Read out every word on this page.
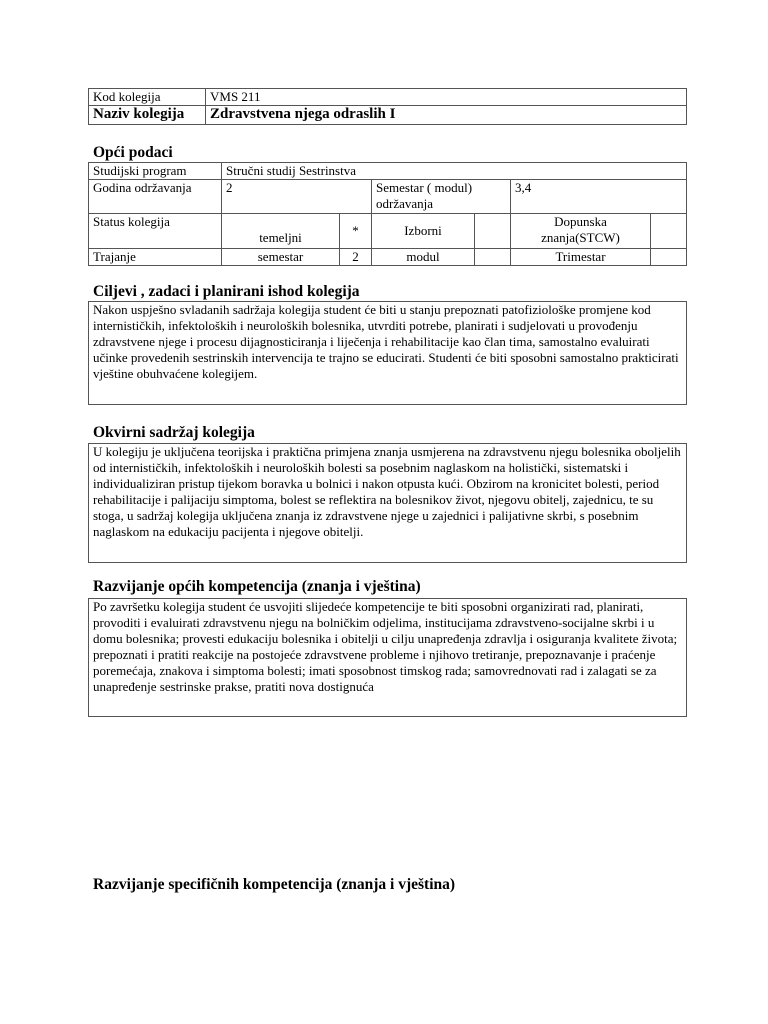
Kod kolegija	VMS 211
Naziv kolegija	Zdravstvena njega odraslih I
Opći podaci
Studijski program	Stručni studij Sestrinstva					
Godina održavanja	2		Semestar ( modul) održavanja		3,4	
Status kolegija	temeljni	*	Izborni		Dopunska znanja(STCW)	
Trajanje	semestar	2	modul		Trimestar	
Ciljevi , zadaci i planirani ishod kolegija
Nakon uspješno svladanih sadržaja kolegija student će biti u stanju prepoznati patofiziološke promjene kod internističkih, infektoloških i neuroloških bolesnika, utvrditi potrebe, planirati i sudjelovati u provođenju zdravstvene njege i procesu dijagnosticiranja i liječenja i rehabilitacije kao član tima, samostalno evaluirati učinke provedenih sestrinskih intervencija te trajno se educirati. Studenti će biti sposobni samostalno prakticirati vještine obuhvaćene kolegijem.
Okvirni sadržaj kolegija
U kolegiju je uključena teorijska i praktična primjena znanja usmjerena na zdravstvenu njegu bolesnika oboljelih od internističkih, infektoloških i neuroloških bolesti sa posebnim naglaskom na holistički, sistematski i individualiziran pristup tijekom boravka u bolnici i nakon otpusta kući. Obzirom na kronicitet bolesti, period rehabilitacije i palijaciju simptoma, bolest se reflektira na bolesnikov život, njegovu obitelj, zajednicu, te su stoga, u sadržaj kolegija uključena znanja iz zdravstvene njege u zajednici i palijativne skrbi, s posebnim naglaskom na edukaciju pacijenta i njegove obitelji.
Razvijanje općih kompetencija (znanja i vještina)
Po završetku kolegija student će usvojiti slijedeće kompetencije te biti sposobni organizirati rad, planirati, provoditi i evaluirati zdravstvenu njegu na bolničkim odjelima, institucijama zdravstveno-socijalne skrbi i u domu bolesnika; provesti edukaciju bolesnika i obitelji u cilju unapređenja zdravlja i osiguranja kvalitete života; prepoznati i pratiti reakcije na postojeće zdravstvene probleme i njihovo tretiranje, prepoznavanje i praćenje poremećaja, znakova i simptoma bolesti; imati sposobnost timskog rada; samovrednovati rad i zalagati se za unapređenje sestrinske prakse, pratiti nova dostignuća
Razvijanje specifičnih kompetencija (znanja i vještina)
